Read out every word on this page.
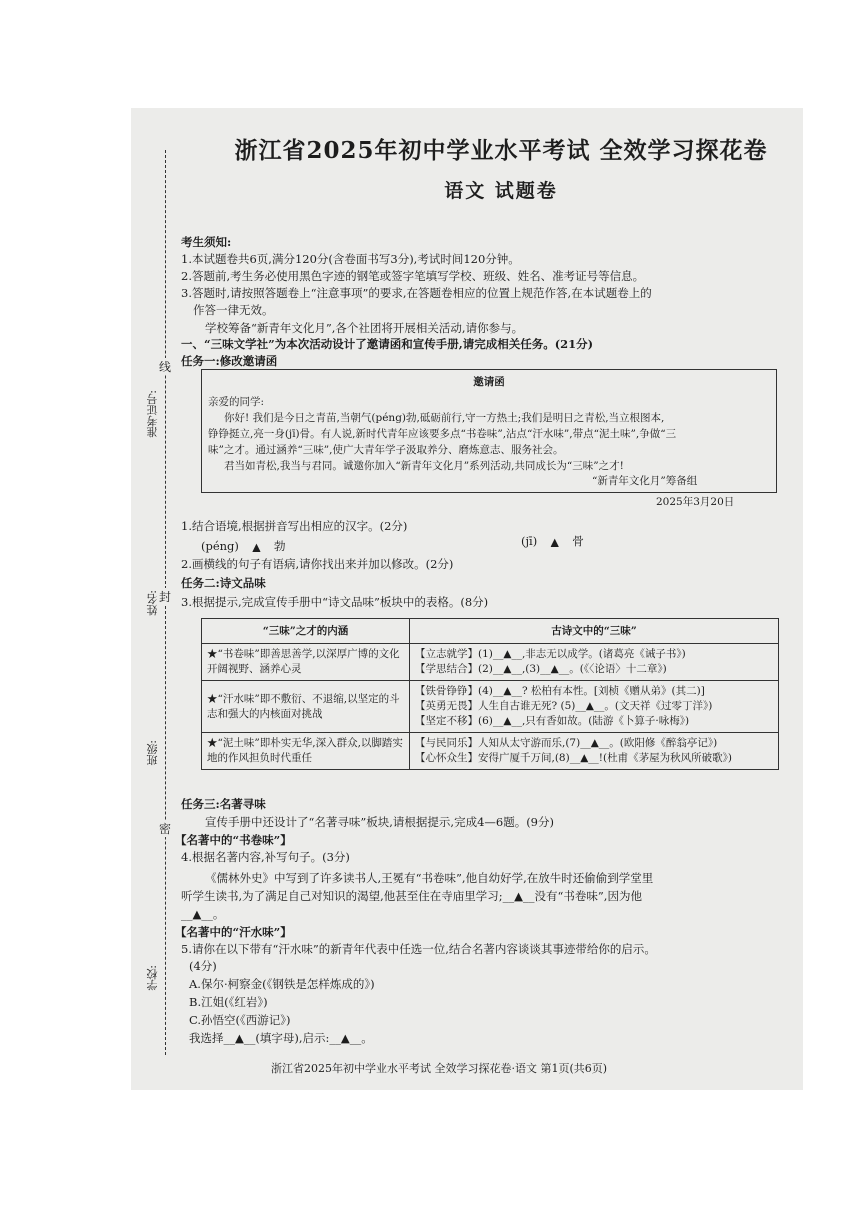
学校:
班级:
姓名:
准考证号:
密
封
线
浙江省2025年初中学业水平考试 全效学习探花卷
语文 试题卷
考生须知:
1.本试题卷共6页,满分120分(含卷面书写3分),考试时间120分钟。
2.答题前,考生务必使用黑色字迹的钢笔或签字笔填写学校、班级、姓名、准考证号等信息。
3.答题时,请按照答题卷上“注意事项”的要求,在答题卷相应的位置上规范作答,在本试题卷上的
作答一律无效。
学校筹备“新青年文化月”,各个社团将开展相关活动,请你参与。
一、“三味文学社”为本次活动设计了邀请函和宣传手册,请完成相关任务。(21分)
任务一:修改邀请函
邀请函
亲爱的同学:
你好! 我们是今日之青苗,当朝气(péng)勃,砥砺前行,守一方热土;我们是明日之青松,当立根图本,
铮铮挺立,亮一身(jī)骨。有人说,新时代青年应该要多点“书卷味”,沾点“汗水味”,带点“泥土味”,争做“三
味”之才。通过涵养“三味”,使广大青年学子汲取养分、磨炼意志、服务社会。
君当如青松,我当与君同。诚邀你加入“新青年文化月”系列活动,共同成长为“三味”之才!
“新青年文化月”筹备组
2025年3月20日
1.结合语境,根据拼音写出相应的汉字。(2分)
(péng) ▲ 勃	(jī) ▲ 骨
2.画横线的句子有语病,请你找出来并加以修改。(2分)
任务二:诗文品味
3.根据提示,完成宣传手册中“诗文品味”板块中的表格。(8分)
“三味”之才的内涵	古诗文中的“三味”
★“书卷味”即善思善学,以深厚广博的文化开阔视野、涵养心灵	【立志就学】(1)__▲__,非志无以成学。(诸葛亮《诫子书》)
【学思结合】(2)__▲__,(3)__▲__。(《〈论语〉十二章》)

★“汗水味”即不敷衍、不退缩,以坚定的斗志和强大的内核面对挑战	【铁骨铮铮】(4)__▲__? 松柏有本性。[刘桢《赠从弟》(其二)]
【英勇无畏】人生自古谁无死? (5)__▲__。(文天祥《过零丁洋》)
【坚定不移】(6)__▲__,只有香如故。(陆游《卜算子·咏梅》)

★“泥土味”即朴实无华,深入群众,以脚踏实地的作风担负时代重任	【与民同乐】人知从太守游而乐,(7)__▲__。(欧阳修《醉翁亭记》)
【心怀众生】安得广厦千万间,(8)__▲__!(杜甫《茅屋为秋风所破歌》)
任务三:名著寻味
宣传手册中还设计了“名著寻味”板块,请根据提示,完成4—6题。(9分)
【名著中的“书卷味”】
4.根据名著内容,补写句子。(3分)
《儒林外史》中写到了许多读书人,王冕有“书卷味”,他自幼好学,在放牛时还偷偷到学堂里
听学生读书,为了满足自己对知识的渴望,他甚至住在寺庙里学习;__▲__没有“书卷味”,因为他
__▲__。
【名著中的“汗水味”】
5.请你在以下带有“汗水味”的新青年代表中任选一位,结合名著内容谈谈其事迹带给你的启示。
(4分)
A.保尔·柯察金(《钢铁是怎样炼成的》)
B.江姐(《红岩》)
C.孙悟空(《西游记》)
我选择__▲__(填字母),启示:__▲__。
浙江省2025年初中学业水平考试 全效学习探花卷·语文 第1页(共6页)
